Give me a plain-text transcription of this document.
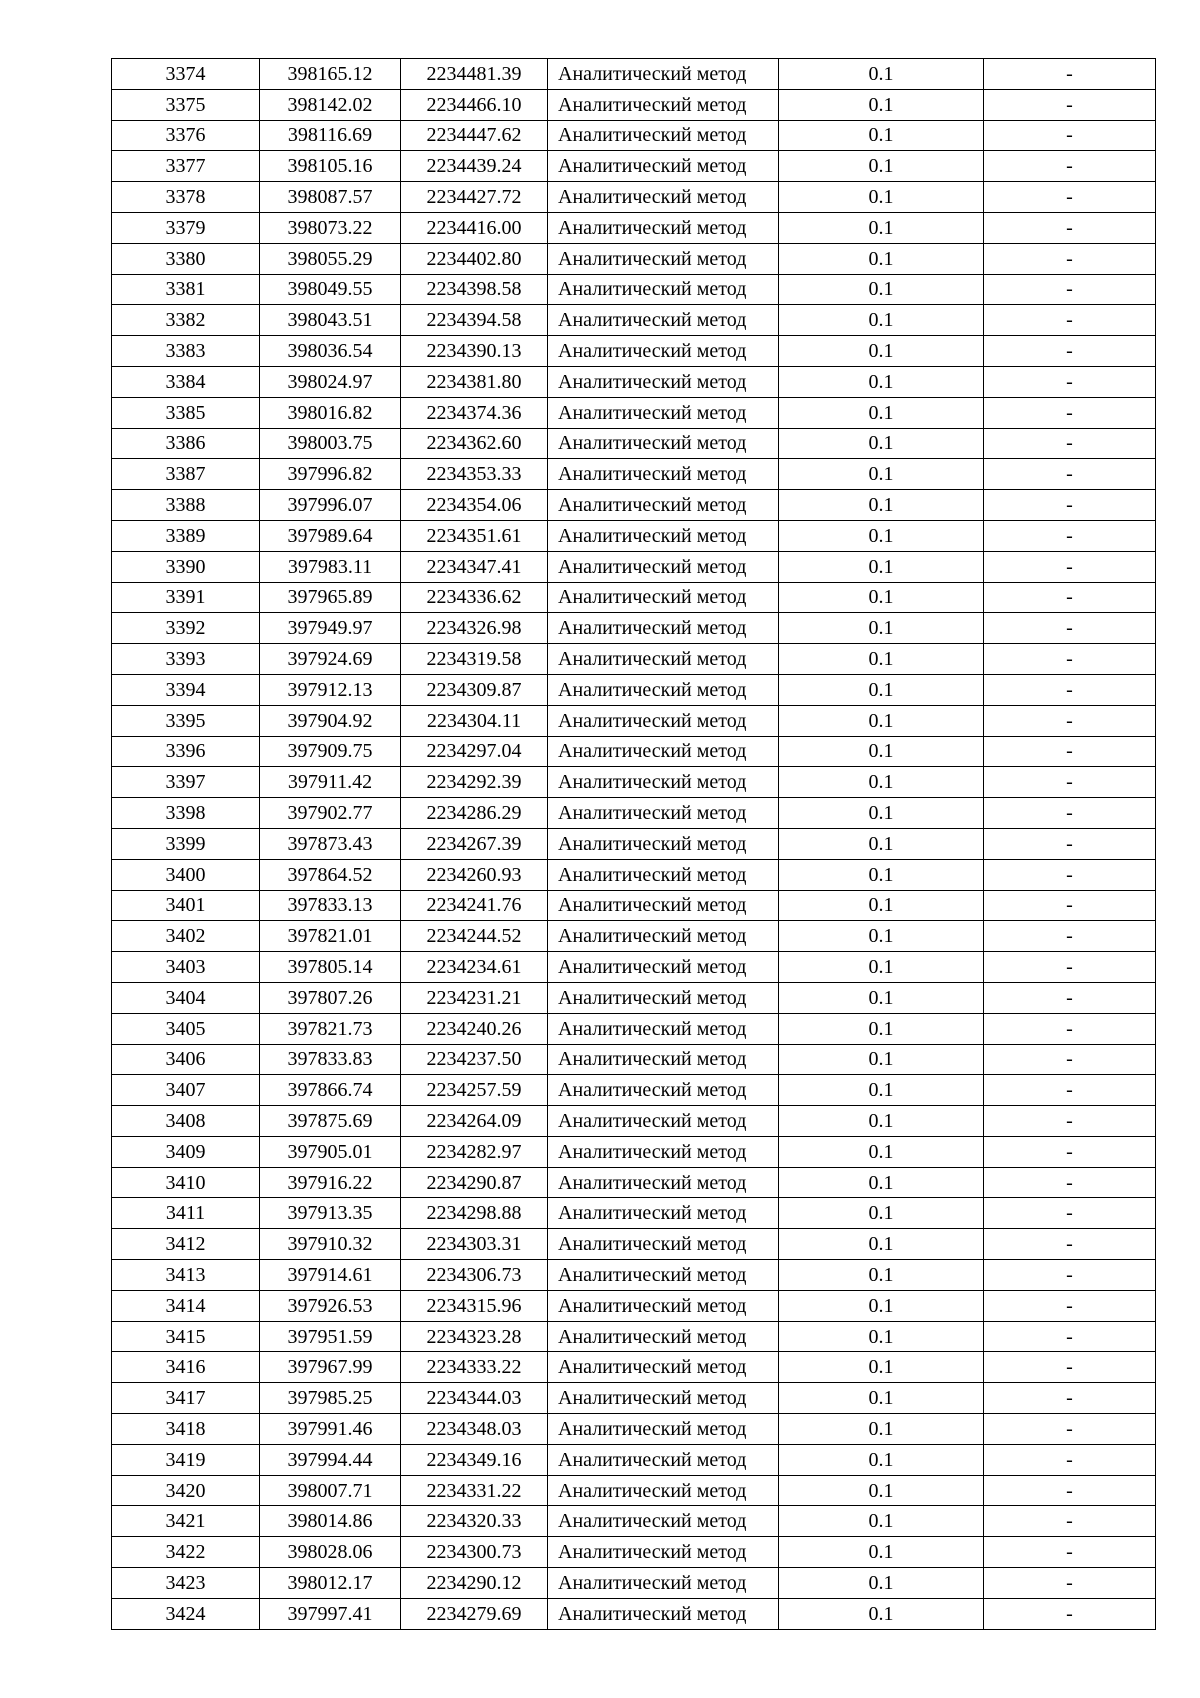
3374	398165.12	2234481.39	Аналитический метод	0.1	-
3375	398142.02	2234466.10	Аналитический метод	0.1	-
3376	398116.69	2234447.62	Аналитический метод	0.1	-
3377	398105.16	2234439.24	Аналитический метод	0.1	-
3378	398087.57	2234427.72	Аналитический метод	0.1	-
3379	398073.22	2234416.00	Аналитический метод	0.1	-
3380	398055.29	2234402.80	Аналитический метод	0.1	-
3381	398049.55	2234398.58	Аналитический метод	0.1	-
3382	398043.51	2234394.58	Аналитический метод	0.1	-
3383	398036.54	2234390.13	Аналитический метод	0.1	-
3384	398024.97	2234381.80	Аналитический метод	0.1	-
3385	398016.82	2234374.36	Аналитический метод	0.1	-
3386	398003.75	2234362.60	Аналитический метод	0.1	-
3387	397996.82	2234353.33	Аналитический метод	0.1	-
3388	397996.07	2234354.06	Аналитический метод	0.1	-
3389	397989.64	2234351.61	Аналитический метод	0.1	-
3390	397983.11	2234347.41	Аналитический метод	0.1	-
3391	397965.89	2234336.62	Аналитический метод	0.1	-
3392	397949.97	2234326.98	Аналитический метод	0.1	-
3393	397924.69	2234319.58	Аналитический метод	0.1	-
3394	397912.13	2234309.87	Аналитический метод	0.1	-
3395	397904.92	2234304.11	Аналитический метод	0.1	-
3396	397909.75	2234297.04	Аналитический метод	0.1	-
3397	397911.42	2234292.39	Аналитический метод	0.1	-
3398	397902.77	2234286.29	Аналитический метод	0.1	-
3399	397873.43	2234267.39	Аналитический метод	0.1	-
3400	397864.52	2234260.93	Аналитический метод	0.1	-
3401	397833.13	2234241.76	Аналитический метод	0.1	-
3402	397821.01	2234244.52	Аналитический метод	0.1	-
3403	397805.14	2234234.61	Аналитический метод	0.1	-
3404	397807.26	2234231.21	Аналитический метод	0.1	-
3405	397821.73	2234240.26	Аналитический метод	0.1	-
3406	397833.83	2234237.50	Аналитический метод	0.1	-
3407	397866.74	2234257.59	Аналитический метод	0.1	-
3408	397875.69	2234264.09	Аналитический метод	0.1	-
3409	397905.01	2234282.97	Аналитический метод	0.1	-
3410	397916.22	2234290.87	Аналитический метод	0.1	-
3411	397913.35	2234298.88	Аналитический метод	0.1	-
3412	397910.32	2234303.31	Аналитический метод	0.1	-
3413	397914.61	2234306.73	Аналитический метод	0.1	-
3414	397926.53	2234315.96	Аналитический метод	0.1	-
3415	397951.59	2234323.28	Аналитический метод	0.1	-
3416	397967.99	2234333.22	Аналитический метод	0.1	-
3417	397985.25	2234344.03	Аналитический метод	0.1	-
3418	397991.46	2234348.03	Аналитический метод	0.1	-
3419	397994.44	2234349.16	Аналитический метод	0.1	-
3420	398007.71	2234331.22	Аналитический метод	0.1	-
3421	398014.86	2234320.33	Аналитический метод	0.1	-
3422	398028.06	2234300.73	Аналитический метод	0.1	-
3423	398012.17	2234290.12	Аналитический метод	0.1	-
3424	397997.41	2234279.69	Аналитический метод	0.1	-
